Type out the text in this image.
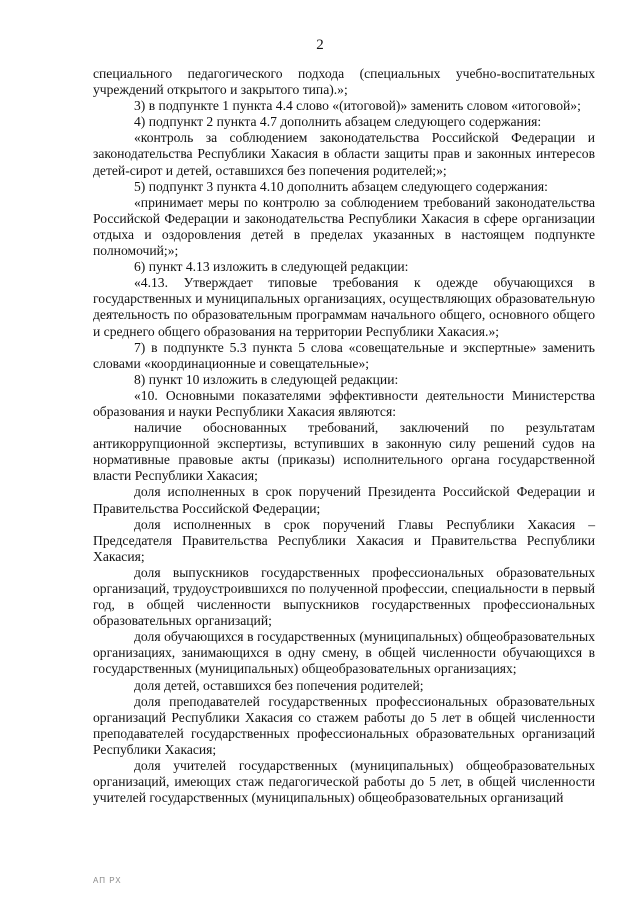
2

специального педагогического подхода (специальных учебно-воспитательных учреждений открытого и закрытого типа).»;

3) в подпункте 1 пункта 4.4 слово «(итоговой)» заменить словом «итоговой»;

4) подпункт 2 пункта 4.7 дополнить абзацем следующего содержания:

«контроль за соблюдением законодательства Российской Федерации и законодательства Республики Хакасия в области защиты прав и законных интересов детей-сирот и детей, оставшихся без попечения родителей;»;

5) подпункт 3 пункта 4.10 дополнить абзацем следующего содержания:

«принимает меры по контролю за соблюдением требований законодательства Российской Федерации и законодательства Республики Хакасия в сфере организации отдыха и оздоровления детей в пределах указанных в настоящем подпункте полномочий;»;

6) пункт 4.13 изложить в следующей редакции:

«4.13. Утверждает типовые требования к одежде обучающихся в государственных и муниципальных организациях, осуществляющих образовательную деятельность по образовательным программам начального общего, основного общего и среднего общего образования на территории Республики Хакасия.»;

7) в подпункте 5.3 пункта 5 слова «совещательные и экспертные» заменить словами «координационные и совещательные»;

8) пункт 10 изложить в следующей редакции:

«10. Основными показателями эффективности деятельности Министерства образования и науки Республики Хакасия являются:

наличие обоснованных требований, заключений по результатам антикоррупционной экспертизы, вступивших в законную силу решений судов на нормативные правовые акты (приказы) исполнительного органа государственной власти Республики Хакасия;

доля исполненных в срок поручений Президента Российской Федерации и Правительства Российской Федерации;

доля исполненных в срок поручений Главы Республики Хакасия – Председателя Правительства Республики Хакасия и Правительства Республики Хакасия;

доля выпускников государственных профессиональных образовательных организаций, трудоустроившихся по полученной профессии, специальности в первый год, в общей численности выпускников государственных профессиональных образовательных организаций;

доля обучающихся в государственных (муниципальных) общеобразовательных организациях, занимающихся в одну смену, в общей численности обучающихся в государственных (муниципальных) общеобразовательных организациях;

доля детей, оставшихся без попечения родителей;

доля преподавателей государственных профессиональных образовательных организаций Республики Хакасия со стажем работы до 5 лет в общей численности преподавателей государственных профессиональных образовательных организаций Республики Хакасия;

доля учителей государственных (муниципальных) общеобразовательных организаций, имеющих стаж педагогической работы до 5 лет, в общей численности учителей государственных (муниципальных) общеобразовательных организаций

АП РХ
